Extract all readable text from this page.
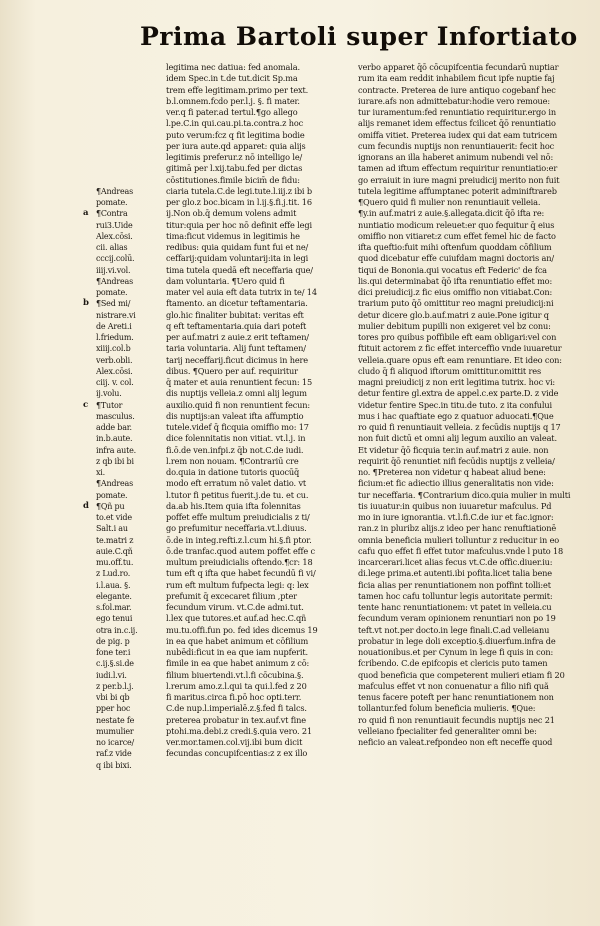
Prima Bartoli super Infortiato
a
b
c
d
¶Andreas
pomate.
¶Contra
rui3.Uide
Alex.cōsi.
cii. alias
cccij.colū.
iiij.vi.vol.
¶Andreas
pomate.
¶Sed mi/
nistrare.vi
de Areti.i
l.friedum.
xiiij.col.b
verb.obli.
Alex.cōsi.
ciij. v. col.
ij.volu.
¶Tutor
masculus.
adde bar.
in.b.aute.
infra aute.
z qb ibi bi
xi.
¶Andreas
pomate.
¶Qñ pu
to.et vide
Salt.i au
te.matri z
auie.C.qñ
mu.off.tu.
z Lud.ro.
i.l.aua. §.
elegante.
s.fol.mar.
ego tenui
otra in.c.ij.
de pig. p
fone ter.i
c.ij.§.si.de
iudi.l.vi.
z per.b.l.j.
vbi bi qb
pper hoc
nestate fe
mumulier
no icarce/
raf.z vide
q ibi bixi.
legitima nec datiua: fed anomala.
idem Spec.in t.de tut.dicit Sp.ma
trem effe legitimam.primo per text.
b.l.omnem.fcdo per.l.j. §. fi mater.
ver.q fi pater.ad tertul.¶go allego
l.pe.C.in qui.cau.pi.ta.contra.z hoc
puto verum:fcz q fit legitima bodie
per iura aute.qd apparet: quia alijs
legitimis preferur.z nō intelligo le/
gitimā per l.xij.tabu.fed per dictas
cōstitutiones.fimile bicim̄ de fidu:
ciaria tutela.C.de legi.tute.l.iij.z ibi b
per glo.z boc.bicam in l.ij.§.fi.j.tit. 16
ij.Non ob.q̄ demum volens admit
titur:quia per hoc nō definit effe legi
tima:ficut videmus in legitimis he
redibus: quia quidam funt fui et ne/
ceffarij:quidam voluntarij:ita in legi
tima tutela quedā eft neceffaria que/
dam voluntaria. ¶Uero quid fi
mater vel auia eft data tutrix in te/ 14
ftamento. an dicetur teftamentaria.
glo.hic finaliter bubitat: veritas eft
q eft teftamentaria.quia dari poteft
per auf.matri z auie.z erit teftamen/
taria voluntaria. Alij funt teftamen/
tarij neceffarij.ficut dicimus in here
dibus. ¶Quero per auf. requiritur
q̄ mater et auia renuntient fecun: 15
dis nuptijs velleia.z omni alij legum
auxilio.quid fi non renuntient fecun:
dis nuptijs:an valeat ifta affumptio
tutele.videf q̄ ficquia omiffio mo: 17
dice folennitatis non vitiat. vt.l.j. in
fi.ō.de ven.infpi.z q̄b not.C.de iudi.
l.rem non nouam. ¶Contrariū cre
do.quia in datione tutoris quocūq̄
modo eft erratum nō valet datio. vt
l.tutor fi petitus fuerit.j.de tu. et cu.
da.ab his.Item quia ifta folennitas
poffet effe multum preiudicialis z ti/
go prefumitur neceffaria.vt.l.diuus.
ō.de in integ.refti.z.l.cum hi.§.fi ptor.
ō.de tranfac.quod autem poffet effe c
multum preiudicialis oftendo.¶cr: 18
tum eft q ifta que habet fecundū fi vi/
rum eft multum fufpecta legi: q: lex
prefumit q̄ excecaret filium ,pter
fecundum virum. vt.C.de admi.tut.
l.lex que tutores.et auf.ad hec.C.qñ
mu.tu.offi.fun po. fed ides dicemus 19
in ea que habet animum et cōfilium
nubēdi:ficut in ea que iam nupferit.
fimile in ea que habet animum z cō:
filium biuertendi.vt.l.fi cōcubina.§.
l.rerum amo.z.l.qui ta qui.l.fed z 20
fi maritus.circa fi.pō hoc opti.terr.
C.de nup.l.imperialē.z.§.fed fi talcs.
preterea probatur in tex.auf.vt fine
ptohi.ma.debi.z credi.§.quia vero. 21
ver.mor.tamen.col.vij.ibi bum dicit
fecundas concupifcentias:z z ex illo
verbo apparet q̄ō cōcupifcentia fecundarū nuptiar
rum ita eam reddit inhabilem ficut ipfe nuptie faj
contracte. Preterea de iure antiquo cogebanf hec
iurare.afs non admittebatur:hodie vero remoue:
tur iuramentum:fed renuntiatio requiritur.ergo in
alijs remanet idem effectus fcilicet q̄ō renuntiatio
omiffa vitiet. Preterea iudex qui dat eam tutricem
cum fecundis nuptijs non renuntiauerit: fecit hoc
ignorans an illa haberet animum nubendi vel nō:
tamen ad iftum effectum requiritur renuntiatio:er
go erraiuit in iure magni preiudicij merito non fuit
tutela legitime affumptanec poterit adminiftrareb
¶Quero quid fi mulier non renuntiauit velleia.
¶y.in auf.matri z auie.§.allegata.dicit q̄ō ifta re:
nuntiatio modicum releuet:er quo fequitur q̄ eius
omiffio non vitiaret:z cum effet femel hic de facto
ifta queftio:fuit mihi oftenfum quoddam cōfilium
quod dicebatur effe cuiufdam magni doctoris an/
tiqui de Bononia.qui vocatus eft Federic' de fca
lis.qui determinabat q̄ō ifta renuntiatio effet mo:
dici preiudicij.z fic eius omiffio non vitiabat.Con:
trarium puto q̄ō omittitur reo magni preiudicij:ni
detur dicere glo.b.auf.matri z auie.Pone igitur q
mulier debitum pupilli non exigeret vel bz conu:
tores pro quibus poffibile eft eam obligari:vel con
ftituit actorem z fic effet interceffio vnde iuuaretur
velleia.quare opus eft eam renuntiare. Et ideo con:
cludo q̄ fi aliquod iftorum omittitur.omittit res
magni preiudicij z non erit legitima tutrix. hoc vi:
detur fentire gl.extra de appel.c.ex parte.D. z vide
videtur fentire Spec.in titu.de tuto. z ita confului
mus i hac quaftiate ego z quatuor aduocati.¶Que
ro quid fi renuntiauit velleia. z fecūdis nuptijs q 17
non fuit dictū et omni alij legum auxilio an valeat.
Et videtur q̄ō ficquia ter.in auf.matri z auie. non
requirit q̄ō renuntiet nifi fecūdis nuptijs z velleia/
no. ¶Preterea non videtur q habeat aliud bene:
ficium:et fic adiectio illius generalitatis non vide:
tur neceffaria. ¶Contrarium dico.quia mulier in multi
tis iuuatur:in quibus non iuuaretur mafculus. Pd
mo in iure ignorantia. vt.l.fi.C.de iur et fac.ignor:
ran.z in pluribz alijs.z ideo per hanc renuftiationē
omnia beneficia mulieri tolluntur z reducitur in eo
cafu quo effet fi effet tutor mafculus.vnde l puto 18
incarcerari.licet alias fecus vt.C.de offic.diuer.iu:
di.lege prima.et autenti.ibi pofita.licet talia bene
ficia alias per renuntiationem non poffint tolli:et
tamen hoc cafu tolluntur legis autoritate permit:
tente hanc renuntiationem: vt patet in velleia.cu
fecundum veram opinionem renuntiari non po 19
teft.vt not.per docto.in lege finali.C.ad velleianu
probatur in lege doli exceptio.§.diuerfum.infra de
nouationibus.et per Cynum in lege fi quis in con:
fcribendo. C.de epifcopis et clericis puto tamen
quod beneficia que competerent mulieri etiam fi 20
mafculus effet vt non conuenatur a filio nifi quã
tenus facere poteft per hanc renuntiationem non
tollantur.fed folum beneficia mulieris. ¶Que:
ro quid fi non renuntiauit fecundis nuptijs nec 21
velleiano fpecialiter fed generaliter omni be:
neficio an valeat.refpondeo non eft neceffe quod
